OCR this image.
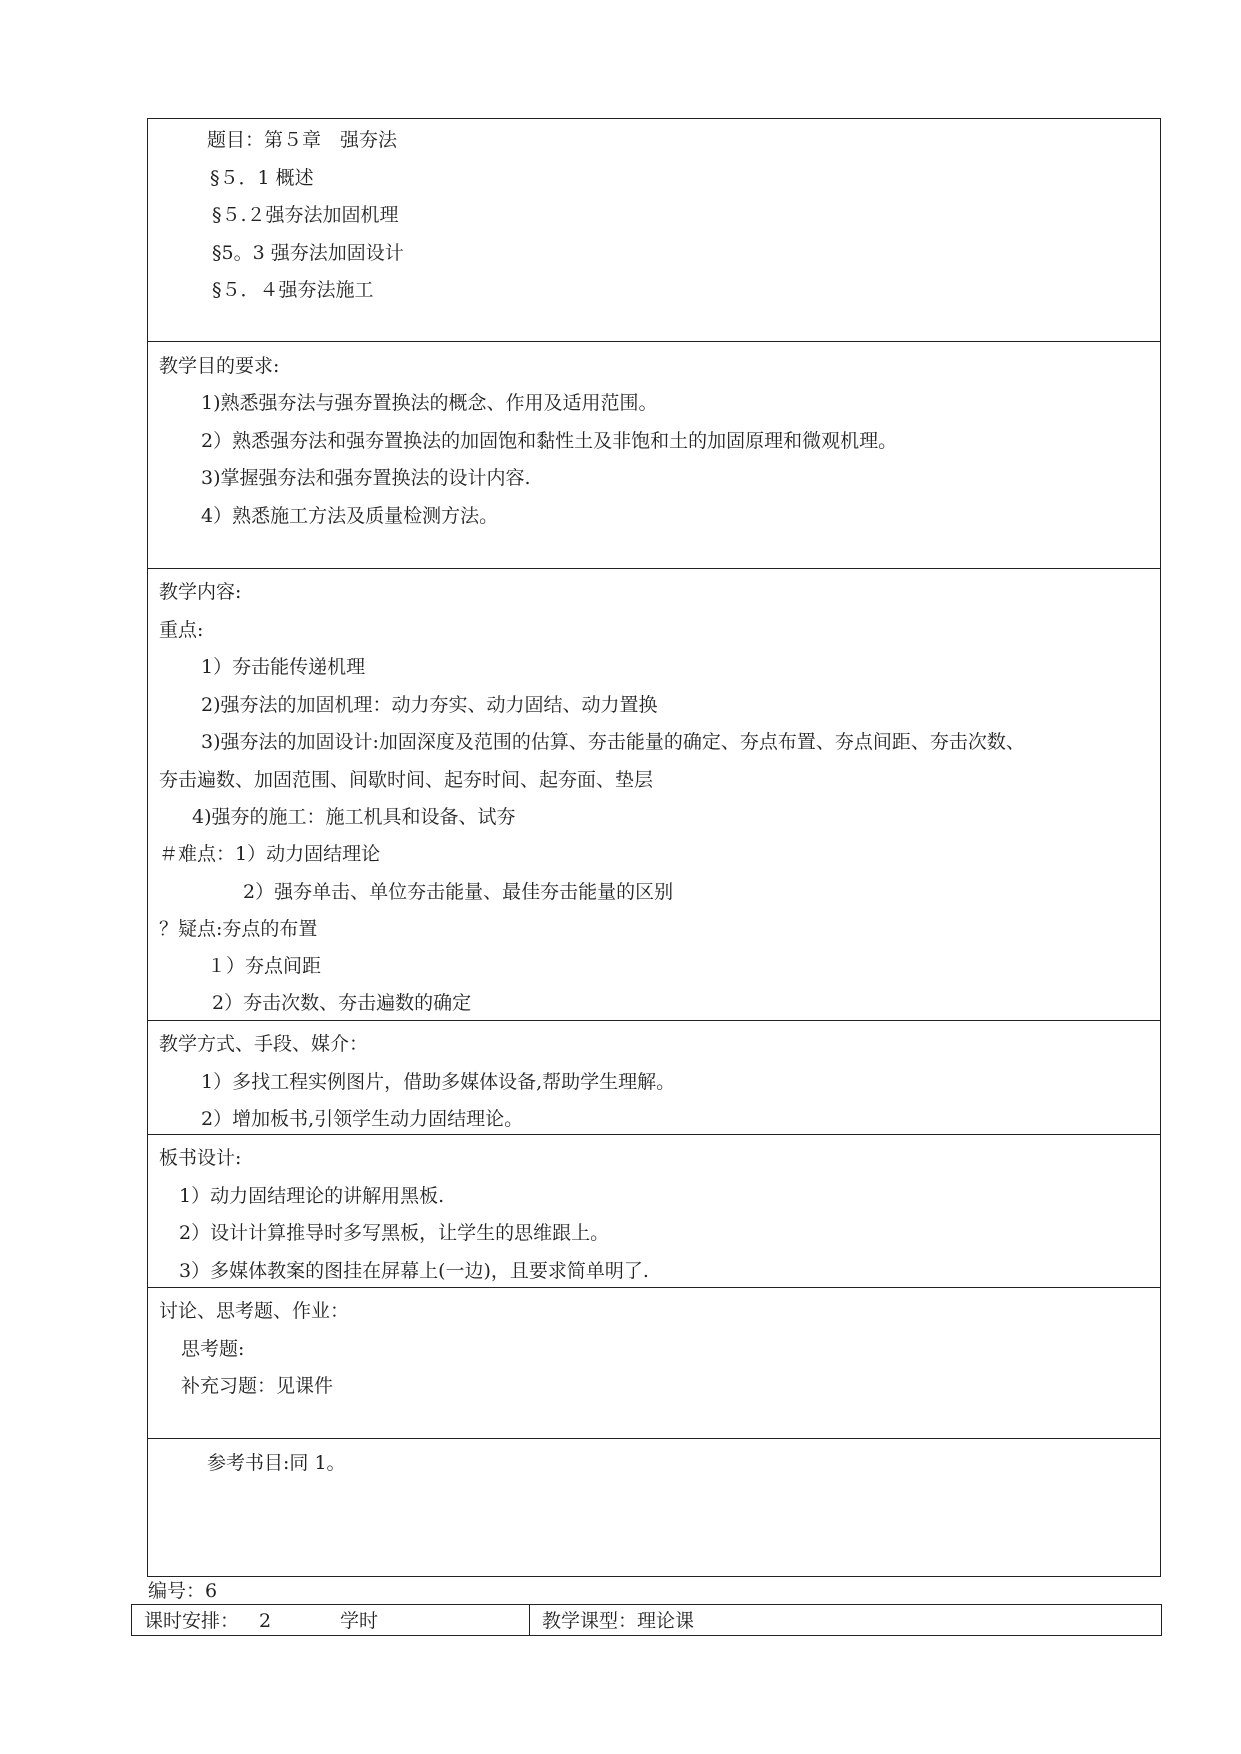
题目：第５章　强夯法
§５．1 概述
§５.２强夯法加固机理
§5。3 强夯法加固设计
§５．４强夯法施工
教学目的要求:
1)熟悉强夯法与强夯置换法的概念、作用及适用范围。
2）熟悉强夯法和强夯置换法的加固饱和黏性土及非饱和土的加固原理和微观机理。
3)掌握强夯法和强夯置换法的设计内容.
4）熟悉施工方法及质量检测方法。
教学内容:
重点:
1）夯击能传递机理
2)强夯法的加固机理：动力夯实、动力固结、动力置换
3)强夯法的加固设计:加固深度及范围的估算、夯击能量的确定、夯点布置、夯点间距、夯击次数、
夯击遍数、加固范围、间歇时间、起夯时间、起夯面、垫层
4)强夯的施工：施工机具和设备、试夯
＃难点：1）动力固结理论
2）强夯单击、单位夯击能量、最佳夯击能量的区别
？疑点:夯点的布置
１）夯点间距
2）夯击次数、夯击遍数的确定
教学方式、手段、媒介：
1）多找工程实例图片，借助多媒体设备,帮助学生理解。
2）增加板书,引领学生动力固结理论。
板书设计:
1）动力固结理论的讲解用黑板.
2）设计计算推导时多写黑板，让学生的思维跟上。
3）多媒体教案的图挂在屏幕上(一边)，且要求简单明了.
讨论、思考题、作业：
思考题:
补充习题：见课件
参考书目:同 1。
编号：6
课时安排： 2	学时	教学课型：理论课
